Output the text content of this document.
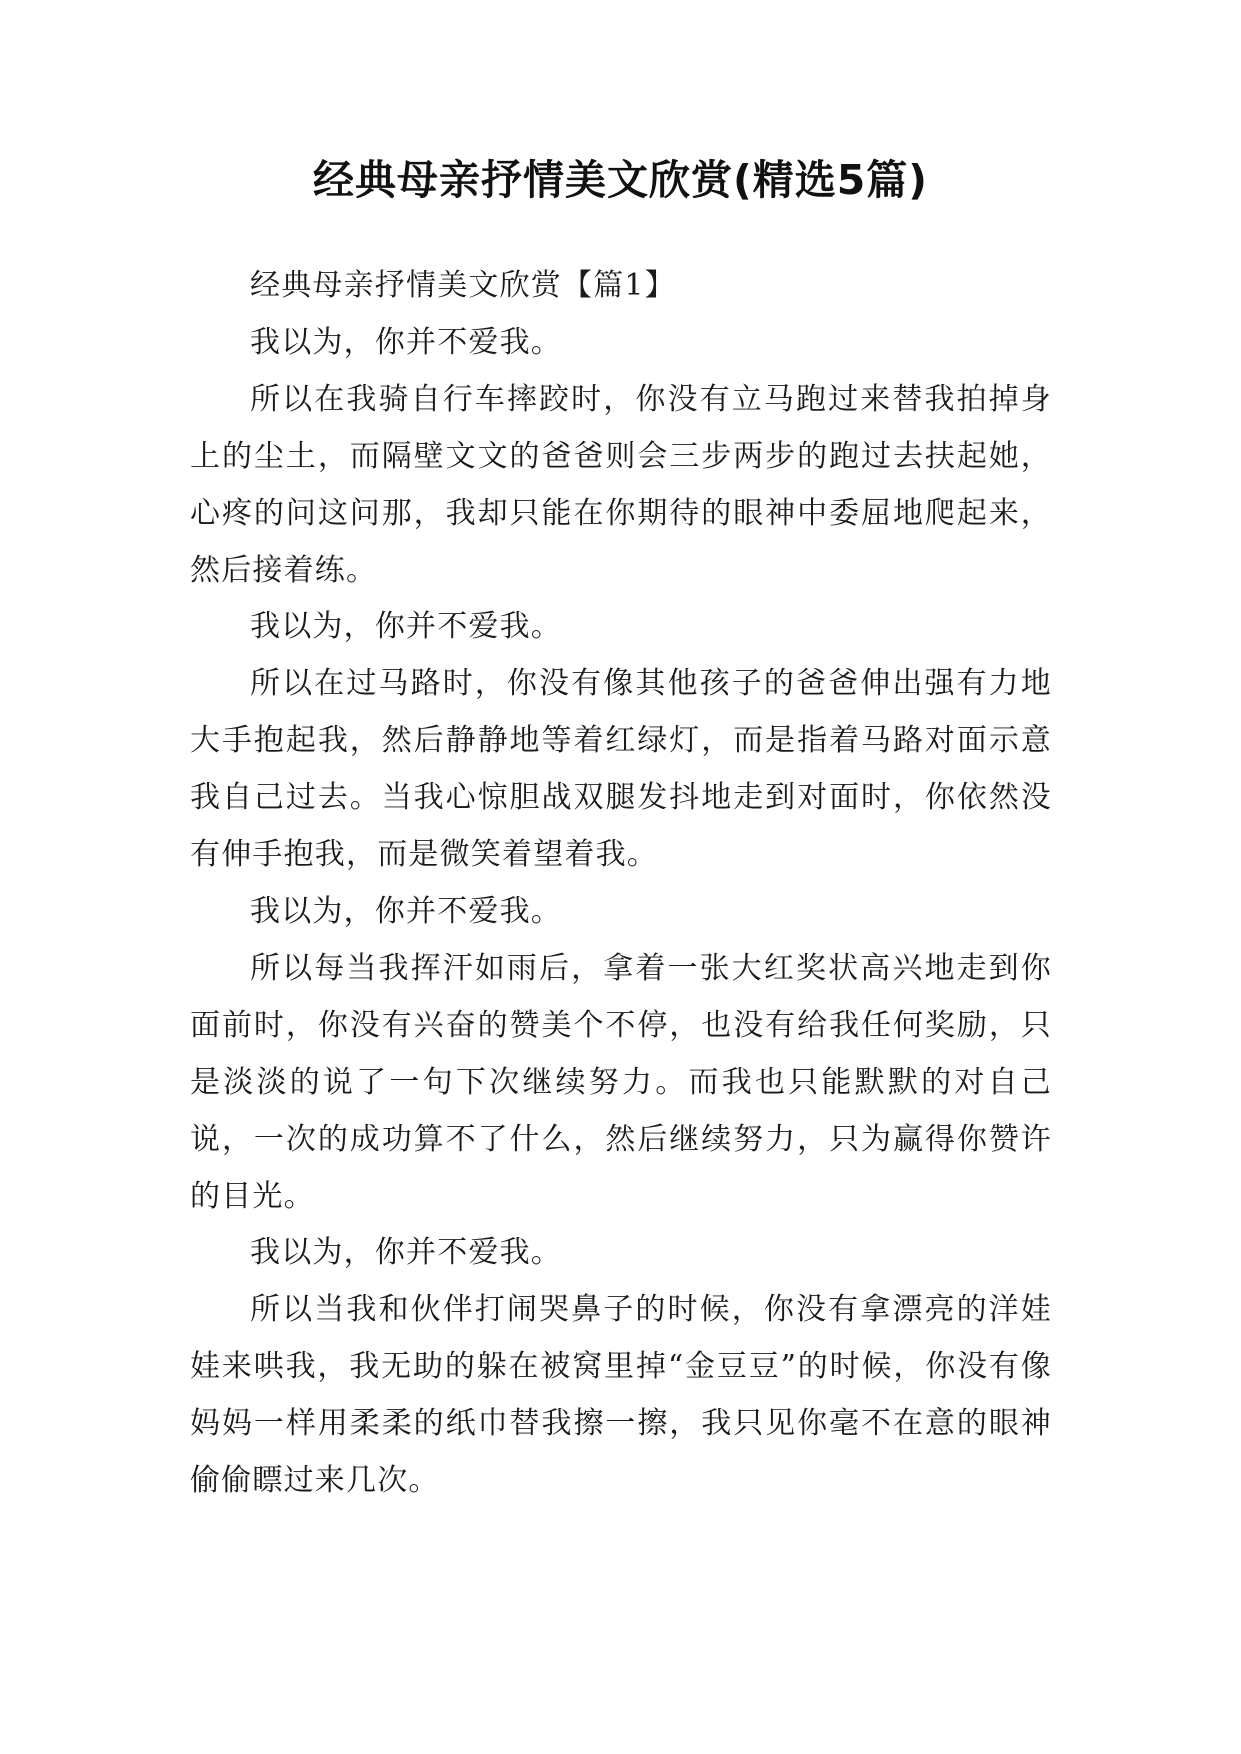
经典母亲抒情美文欣赏(精选5篇)

经典母亲抒情美文欣赏【篇1】

我以为，你并不爱我。

所以在我骑自行车摔跤时，你没有立马跑过来替我拍掉身上的尘土，而隔壁文文的爸爸则会三步两步的跑过去扶起她，心疼的问这问那，我却只能在你期待的眼神中委屈地爬起来，然后接着练。

我以为，你并不爱我。

所以在过马路时，你没有像其他孩子的爸爸伸出强有力地大手抱起我，然后静静地等着红绿灯，而是指着马路对面示意我自己过去。当我心惊胆战双腿发抖地走到对面时，你依然没有伸手抱我，而是微笑着望着我。

我以为，你并不爱我。

所以每当我挥汗如雨后，拿着一张大红奖状高兴地走到你面前时，你没有兴奋的赞美个不停，也没有给我任何奖励，只是淡淡的说了一句下次继续努力。而我也只能默默的对自己说，一次的成功算不了什么，然后继续努力，只为赢得你赞许的目光。

我以为，你并不爱我。

所以当我和伙伴打闹哭鼻子的时候，你没有拿漂亮的洋娃娃来哄我，我无助的躲在被窝里掉“金豆豆”的时候，你没有像妈妈一样用柔柔的纸巾替我擦一擦，我只见你毫不在意的眼神偷偷瞟过来几次。
